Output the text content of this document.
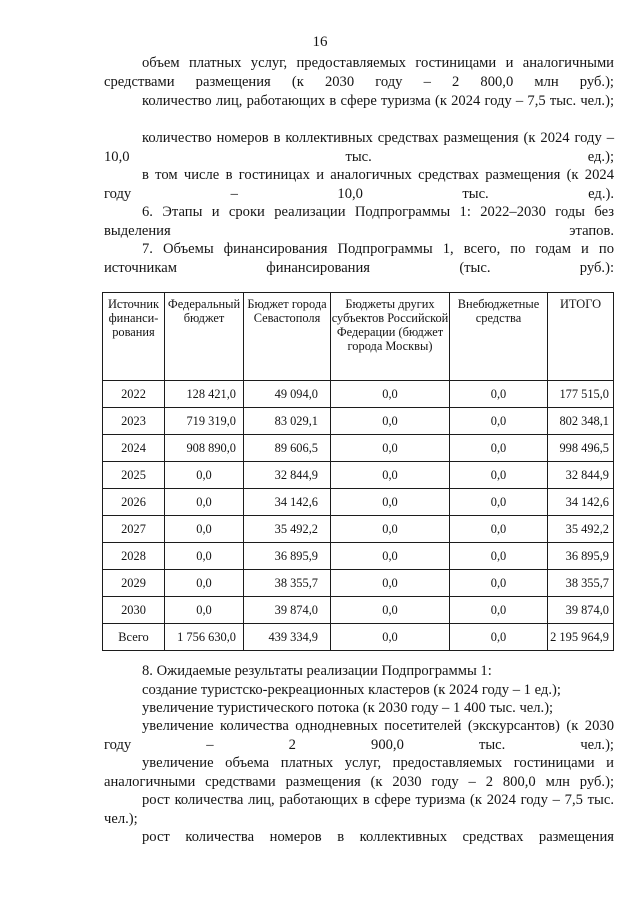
16

объем платных услуг, предоставляемых гостиницами и аналогичными средствами размещения (к 2030 году – 2 800,0 млн руб.);

количество лиц, работающих в сфере туризма (к 2024 году – 7,5 тыс. чел.);

количество номеров в коллективных средствах размещения (к 2024 году – 10,0 тыс. ед.);

в том числе в гостиницах и аналогичных средствах размещения (к 2024 году – 10,0 тыс. ед.).

6. Этапы и сроки реализации Подпрограммы 1: 2022–2030 годы без выделения этапов.

7. Объемы финансирования Подпрограммы 1, всего, по годам и по источникам финансирования (тыс. руб.):

Источник финанси-рования	Федеральный бюджет	Бюджет города Севастополя	Бюджеты других субъектов Российской Федерации (бюджет города Москвы)	Внебюджетные средства	ИТОГО
2022	128 421,0	49 094,0	0,0	0,0	177 515,0
2023	719 319,0	83 029,1	0,0	0,0	802 348,1
2024	908 890,0	89 606,5	0,0	0,0	998 496,5
2025	0,0	32 844,9	0,0	0,0	32 844,9
2026	0,0	34 142,6	0,0	0,0	34 142,6
2027	0,0	35 492,2	0,0	0,0	35 492,2
2028	0,0	36 895,9	0,0	0,0	36 895,9
2029	0,0	38 355,7	0,0	0,0	38 355,7
2030	0,0	39 874,0	0,0	0,0	39 874,0
Всего	1 756 630,0	439 334,9	0,0	0,0	2 195 964,9

8. Ожидаемые результаты реализации Подпрограммы 1:

создание туристско-рекреационных кластеров (к 2024 году – 1 ед.);

увеличение туристического потока (к 2030 году – 1 400 тыс. чел.);

увеличение количества однодневных посетителей (экскурсантов) (к 2030 году – 2 900,0 тыс. чел.);

увеличение объема платных услуг, предоставляемых гостиницами и аналогичными средствами размещения (к 2030 году – 2 800,0 млн руб.);

рост количества лиц, работающих в сфере туризма (к 2024 году – 7,5 тыс. чел.);

рост количества номеров в коллективных средствах размещения
